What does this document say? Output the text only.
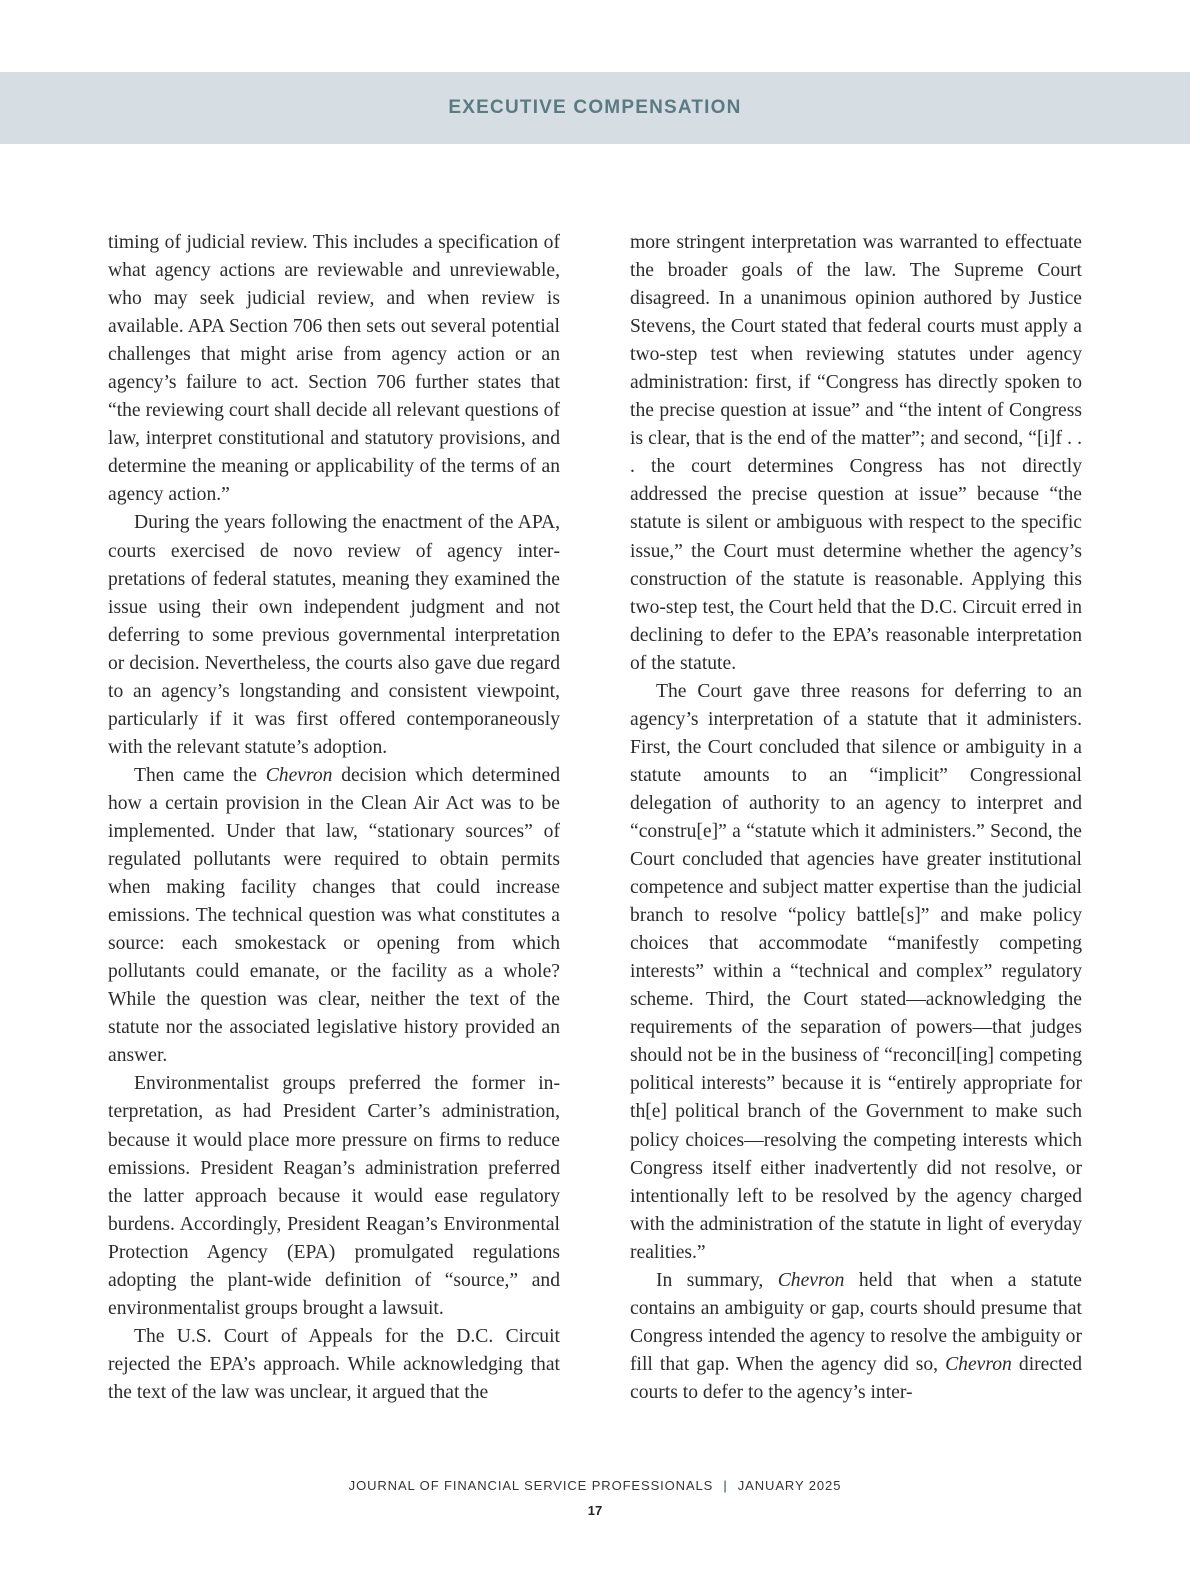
EXECUTIVE COMPENSATION

timing of judicial review. This includes a specification of what agency actions are reviewable and unreviewable, who may seek judicial review, and when review is available. APA Section 706 then sets out several potential challenges that might arise from agency action or an agency’s failure to act. Section 706 further states that “the reviewing court shall decide all relevant questions of law, interpret constitutional and statutory provisions, and determine the meaning or applicability of the terms of an agency action.”

During the years following the enactment of the APA, courts exercised de novo review of agency interpretations of federal statutes, meaning they examined the issue using their own independent judgment and not deferring to some previous governmental interpretation or decision. Nevertheless, the courts also gave due regard to an agency’s longstanding and consistent viewpoint, particularly if it was first offered contemporaneously with the relevant statute’s adoption.

Then came the Chevron decision which determined how a certain provision in the Clean Air Act was to be implemented. Under that law, “stationary sources” of regulated pollutants were required to obtain permits when making facility changes that could increase emissions. The technical question was what constitutes a source: each smokestack or opening from which pollutants could emanate, or the facility as a whole? While the question was clear, neither the text of the statute nor the associated legislative history provided an answer.

Environmentalist groups preferred the former interpretation, as had President Carter’s administration, because it would place more pressure on firms to reduce emissions. President Reagan’s administration preferred the latter approach because it would ease regulatory burdens. Accordingly, President Reagan’s Environmental Protection Agency (EPA) promulgated regulations adopting the plant-wide definition of “source,” and environmentalist groups brought a lawsuit.

The U.S. Court of Appeals for the D.C. Circuit rejected the EPA’s approach. While acknowledging that the text of the law was unclear, it argued that the

more stringent interpretation was warranted to effectuate the broader goals of the law. The Supreme Court disagreed. In a unanimous opinion authored by Justice Stevens, the Court stated that federal courts must apply a two-step test when reviewing statutes under agency administration: first, if “Congress has directly spoken to the precise question at issue” and “the intent of Congress is clear, that is the end of the matter”; and second, “[i]f . . . the court determines Congress has not directly addressed the precise question at issue” because “the statute is silent or ambiguous with respect to the specific issue,” the Court must determine whether the agency’s construction of the statute is reasonable. Applying this two-step test, the Court held that the D.C. Circuit erred in declining to defer to the EPA’s reasonable interpretation of the statute.

The Court gave three reasons for deferring to an agency’s interpretation of a statute that it administers. First, the Court concluded that silence or ambiguity in a statute amounts to an “implicit” Congressional delegation of authority to an agency to interpret and “constru[e]” a “statute which it administers.” Second, the Court concluded that agencies have greater institutional competence and subject matter expertise than the judicial branch to resolve “policy battle[s]” and make policy choices that accommodate “manifestly competing interests” within a “technical and complex” regulatory scheme. Third, the Court stated—acknowledging the requirements of the separation of powers—that judges should not be in the business of “reconcil[ing] competing political interests” because it is “entirely appropriate for th[e] political branch of the Government to make such policy choices—resolving the competing interests which Congress itself either inadvertently did not resolve, or intentionally left to be resolved by the agency charged with the administration of the statute in light of everyday realities.”

In summary, Chevron held that when a statute contains an ambiguity or gap, courts should presume that Congress intended the agency to resolve the ambiguity or fill that gap. When the agency did so, Chevron directed courts to defer to the agency’s inter-

JOURNAL OF FINANCIAL SERVICE PROFESSIONALS | JANUARY 2025
17
